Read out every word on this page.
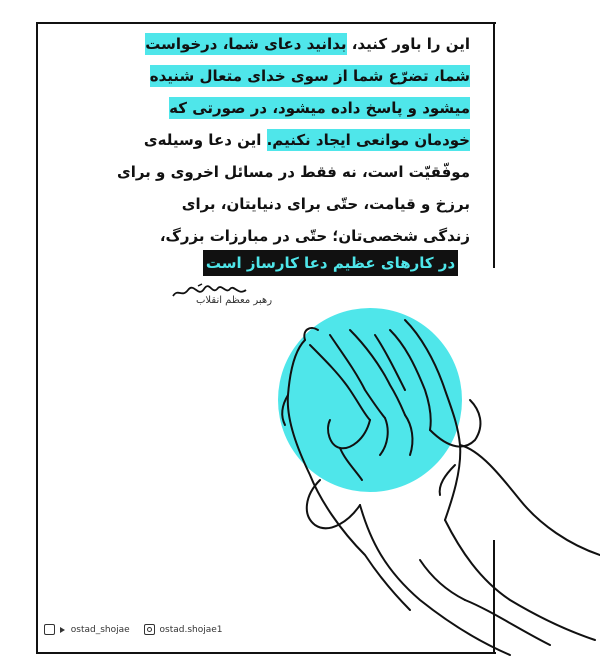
این را باور کنید، بدانید دعای شما، درخواست
شما، تضرّع شما از سوی خدای متعال شنیده
میشود و پاسخ داده میشود، در صورتی که
خودمان موانعی ایجاد نکنیم. این دعا وسیله‌ی
موفّقیّت است، نه فقط در مسائل اخروی و برای
برزخ و قیامت، حتّی برای دنیایتان، برای
زندگی شخصی‌تان؛ حتّی در مبارزات بزرگ،
در کارهای عظیم دعا کارساز است
رهبر معظم انقلاب
ostad_shojae	ostad.shojae1
